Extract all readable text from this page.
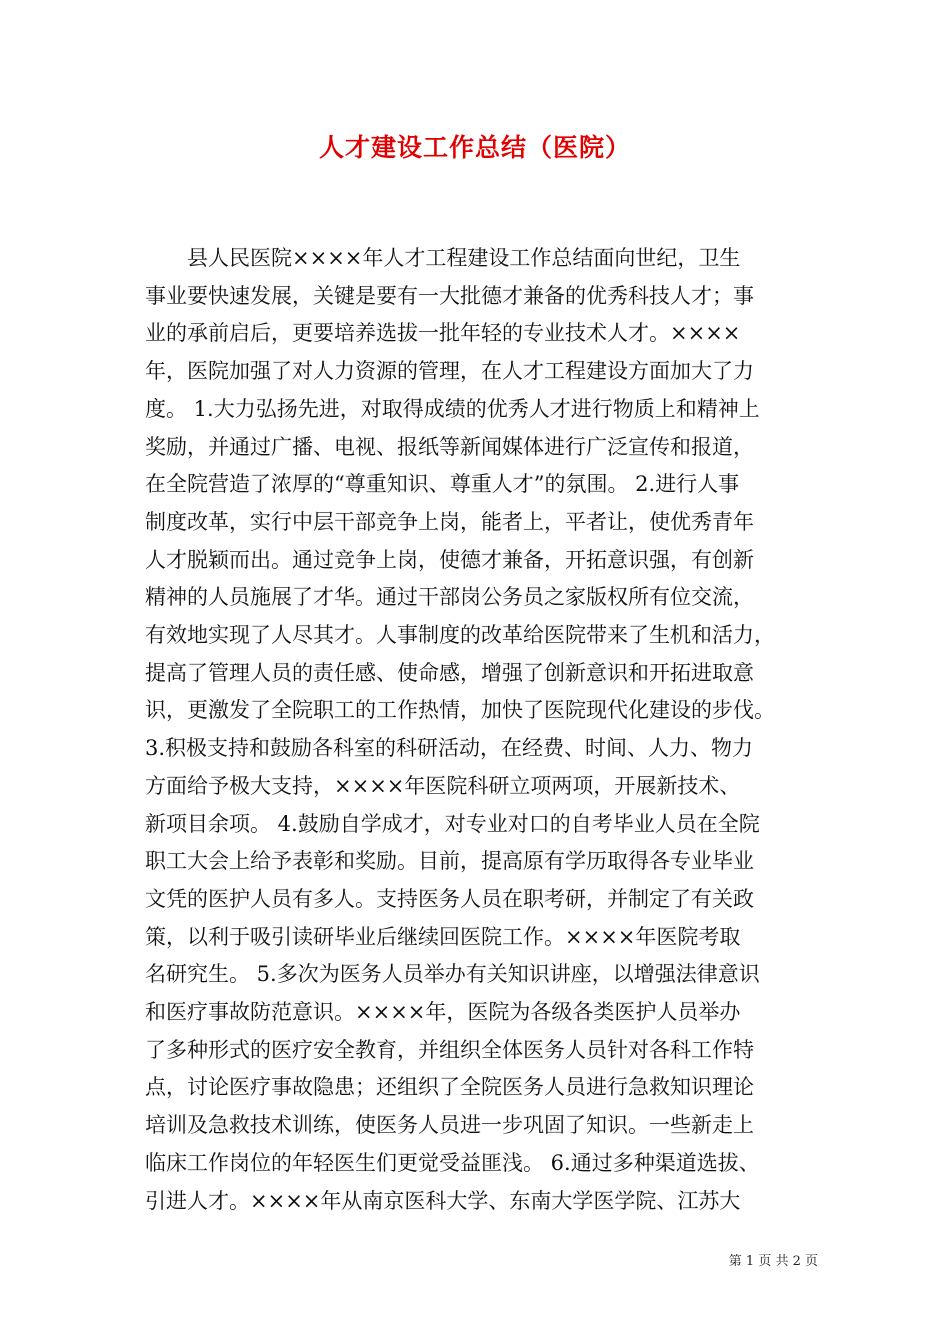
人才建设工作总结（医院）
　　县人民医院××××年人才工程建设工作总结面向世纪，卫生
事业要快速发展，关键是要有一大批德才兼备的优秀科技人才；事
业的承前启后，更要培养选拔一批年轻的专业技术人才。××××
年，医院加强了对人力资源的管理，在人才工程建设方面加大了力
度。 1.大力弘扬先进，对取得成绩的优秀人才进行物质上和精神上
奖励，并通过广播、电视、报纸等新闻媒体进行广泛宣传和报道，
在全院营造了浓厚的“尊重知识、尊重人才”的氛围。 2.进行人事
制度改革，实行中层干部竞争上岗，能者上，平者让，使优秀青年
人才脱颖而出。通过竞争上岗，使德才兼备，开拓意识强，有创新
精神的人员施展了才华。通过干部岗公务员之家版权所有位交流，
有效地实现了人尽其才。人事制度的改革给医院带来了生机和活力，
提高了管理人员的责任感、使命感，增强了创新意识和开拓进取意
识，更激发了全院职工的工作热情，加快了医院现代化建设的步伐。
3.积极支持和鼓励各科室的科研活动，在经费、时间、人力、物力
方面给予极大支持，××××年医院科研立项两项，开展新技术、
新项目余项。 4.鼓励自学成才，对专业对口的自考毕业人员在全院
职工大会上给予表彰和奖励。目前，提高原有学历取得各专业毕业
文凭的医护人员有多人。支持医务人员在职考研，并制定了有关政
策，以利于吸引读研毕业后继续回医院工作。××××年医院考取
名研究生。 5.多次为医务人员举办有关知识讲座，以增强法律意识
和医疗事故防范意识。××××年，医院为各级各类医护人员举办
了多种形式的医疗安全教育，并组织全体医务人员针对各科工作特
点，讨论医疗事故隐患；还组织了全院医务人员进行急救知识理论
培训及急救技术训练，使医务人员进一步巩固了知识。一些新走上
临床工作岗位的年轻医生们更觉受益匪浅。 6.通过多种渠道选拔、
引进人才。××××年从南京医科大学、东南大学医学院、江苏大
第 1 页 共 2 页
